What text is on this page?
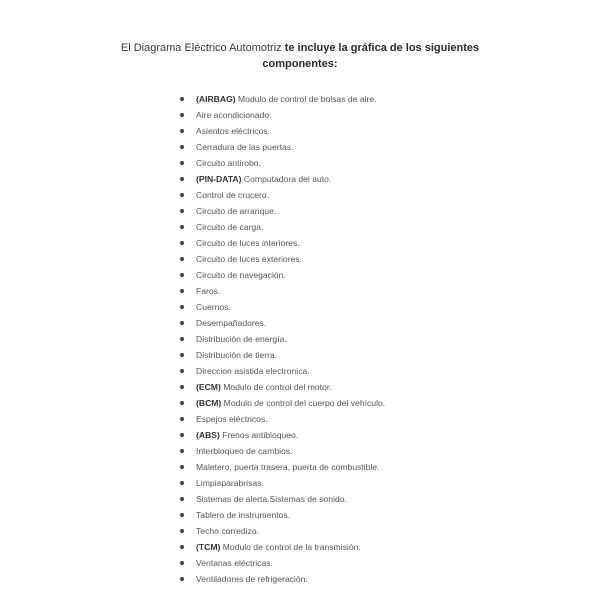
El Diagrama Eléctrico Automotriz te incluye la gráfica de los siguientes
componentes:
(AIRBAG) Modulo de control de bolsas de aire.
Aire acondicionado.
Asientos eléctricos.
Cerradura de las puertas.
Circuito antirobo.
(PIN-DATA) Computadora del auto.
Control de crucero.
Circuito de arranque.
Circuito de carga.
Circuito de luces interiores.
Circuito de luces exteriores.
Circuito de navegación.
Faros.
Cuernos.
Desempañadores.
Distribución de energía.
Distribución de tierra.
Direccion asistida electronica.
(ECM) Modulo de control del motor.
(BCM) Modulo de control del cuerpo del vehículo.
Espejos eléctricos.
(ABS) Frenos antibloqueo.
Interbloqueo de cambios.
Maletero, puerta trasera, puerta de combustible.
Limpiaparabrisas.
Sistemas de alerta.Sistemas de sonido.
Tablero de instrumentos.
Techo corredizo.
(TCM) Modulo de control de la transmisión.
Ventanas eléctricas.
Ventiladores de refrigeración.
